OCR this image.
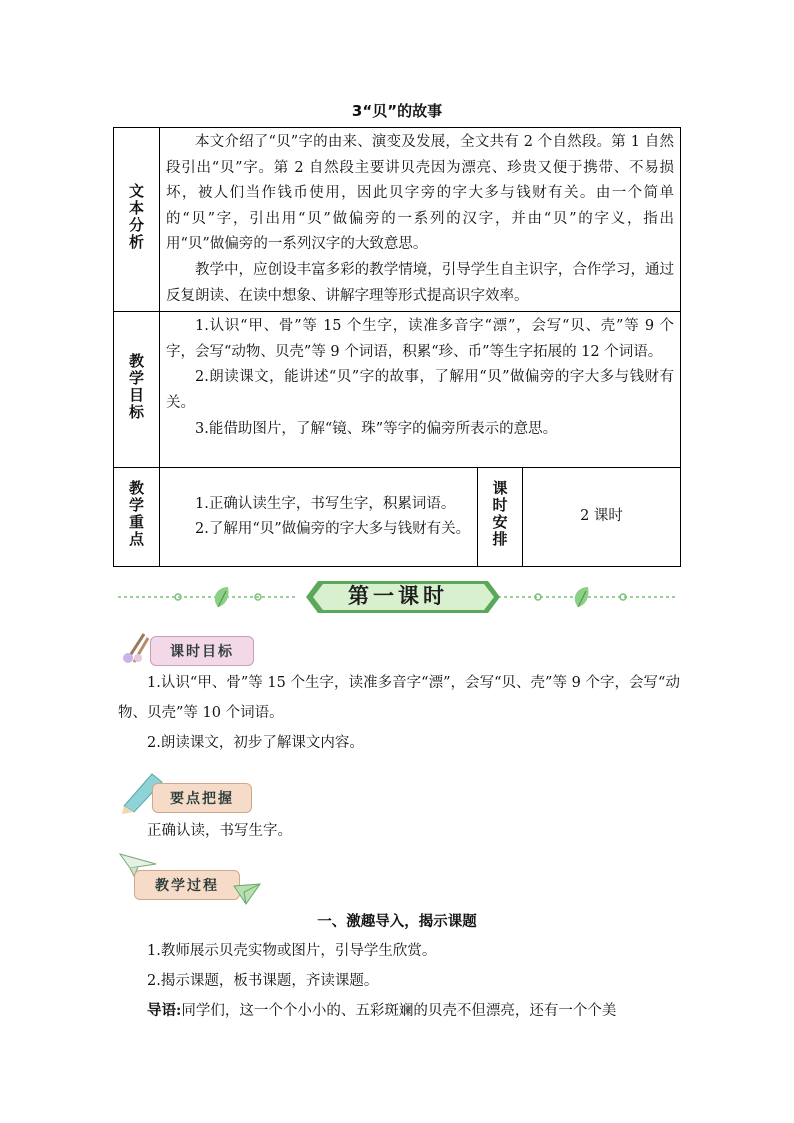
3“贝”的故事
文本分析	本文介绍了“贝”字的由来、演变及发展，全文共有 2 个自然段。第 1 自然段引出“贝”字。第 2 自然段主要讲贝壳因为漂亮、珍贵又便于携带、不易损坏，被人们当作钱币使用，因此贝字旁的字大多与钱财有关。由一个简单的“贝”字，引出用“贝”做偏旁的一系列的汉字，并由“贝”的字义，指出用“贝”做偏旁的一系列汉字的大致意思。

教学中，应创设丰富多彩的教学情境，引导学生自主识字，合作学习，通过反复朗读、在读中想象、讲解字理等形式提高识字效率。		

教学目标	1.认识“甲、骨”等 15 个生字，读准多音字“漂”，会写“贝、壳”等 9 个字，会写“动物、贝壳”等 9 个词语，积累“珍、币”等生字拓展的 12 个词语。

2.朗读课文，能讲述“贝”字的故事，了解用“贝”做偏旁的字大多与钱财有关。

3.能借助图片，了解“镜、珠”等字的偏旁所表示的意思。		

教学重点	1.正确认读生字，书写生字，积累词语。

2.了解用“贝”做偏旁的字大多与钱财有关。	课时安排	2 课时
第一课时
课时目标

1.认识“甲、骨”等 15 个生字，读准多音字“漂”，会写“贝、壳”等 9 个字，会写“动物、贝壳”等 10 个词语。

2.朗读课文，初步了解课文内容。

要点把握

正确认读，书写生字。

教学过程
一、激趣导入，揭示课题

1.教师展示贝壳实物或图片，引导学生欣赏。

2.揭示课题，板书课题，齐读课题。

导语:同学们，这一个个小小的、五彩斑斓的贝壳不但漂亮，还有一个个美
